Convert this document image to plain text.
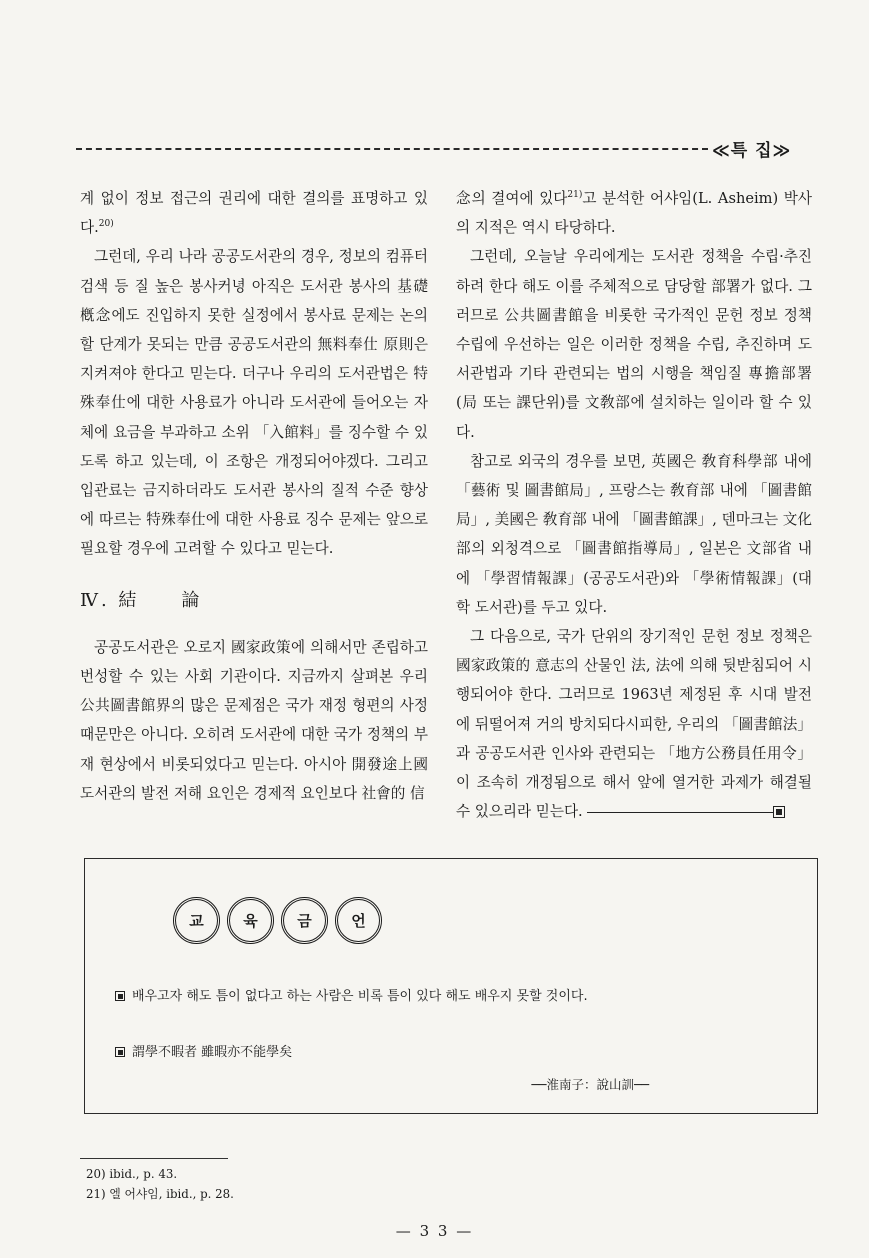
≪특 집≫

계 없이 정보 접근의 권리에 대한 결의를 표명하고 있다.$^{20)}$

그런데, 우리 나라 공공도서관의 경우, 정보의 컴퓨터 검색 등 질 높은 봉사커녕 아직은 도서관 봉사의 基礎槪念에도 진입하지 못한 실정에서 봉사료 문제는 논의할 단계가 못되는 만큼 공공도서관의 無料奉仕 原則은 지켜져야 한다고 믿는다. 더구나 우리의 도서관법은 特殊奉仕에 대한 사용료가 아니라 도서관에 들어오는 자체에 요금을 부과하고 소위 「入館料」를 징수할 수 있도록 하고 있는데, 이 조항은 개정되어야겠다. 그리고 입관료는 금지하더라도 도서관 봉사의 질적 수준 향상에 따르는 特殊奉仕에 대한 사용료 징수 문제는 앞으로 필요할 경우에 고려할 수 있다고 믿는다.

Ⅳ. 結　　論

공공도서관은 오로지 國家政策에 의해서만 존립하고 번성할 수 있는 사회 기관이다. 지금까지 살펴본 우리 公共圖書館界의 많은 문제점은 국가 재정 형편의 사정 때문만은 아니다. 오히려 도서관에 대한 국가 정책의 부재 현상에서 비롯되었다고 믿는다. 아시아 開發途上國 도서관의 발전 저해 요인은 경제적 요인보다 社會的 信

念의 결여에 있다$^{21)}$고 분석한 어샤임(L. Asheim) 박사의 지적은 역시 타당하다.

그런데, 오늘날 우리에게는 도서관 정책을 수립·추진하려 한다 해도 이를 주체적으로 담당할 部署가 없다. 그러므로 公共圖書館을 비롯한 국가적인 문헌 정보 정책 수립에 우선하는 일은 이러한 정책을 수립, 추진하며 도서관법과 기타 관련되는 법의 시행을 책임질 專擔部署(局 또는 課단위)를 文敎部에 설치하는 일이라 할 수 있다.

참고로 외국의 경우를 보면, 英國은 敎育科學部 내에 「藝術 및 圖書館局」, 프랑스는 敎育部 내에 「圖書館局」, 美國은 敎育部 내에 「圖書館課」, 덴마크는 文化部의 외청격으로 「圖書館指導局」, 일본은 文部省 내에 「學習情報課」(공공도서관)와 「學術情報課」(대학 도서관)를 두고 있다.

그 다음으로, 국가 단위의 장기적인 문헌 정보 정책은 國家政策的 意志의 산물인 法, 法에 의해 뒷받침되어 시행되어야 한다. 그러므로 1963년 제정된 후 시대 발전에 뒤떨어져 거의 방치되다시피한, 우리의 「圖書館法」과 공공도서관 인사와 관련되는 「地方公務員任用令」이 조속히 개정됨으로 해서 앞에 열거한 과제가 해결될 수 있으리라 믿는다.

교	육	금	언
배우고자 해도 틈이 없다고 하는 사람은 비록 틈이 있다 해도 배우지 못할 것이다.
謂學不暇者 雖暇亦不能學矣
──淮南子：說山訓──
20) ibid., p. 43.
21) 엘 어샤임, ibid., p. 28.
— 3 3 —
